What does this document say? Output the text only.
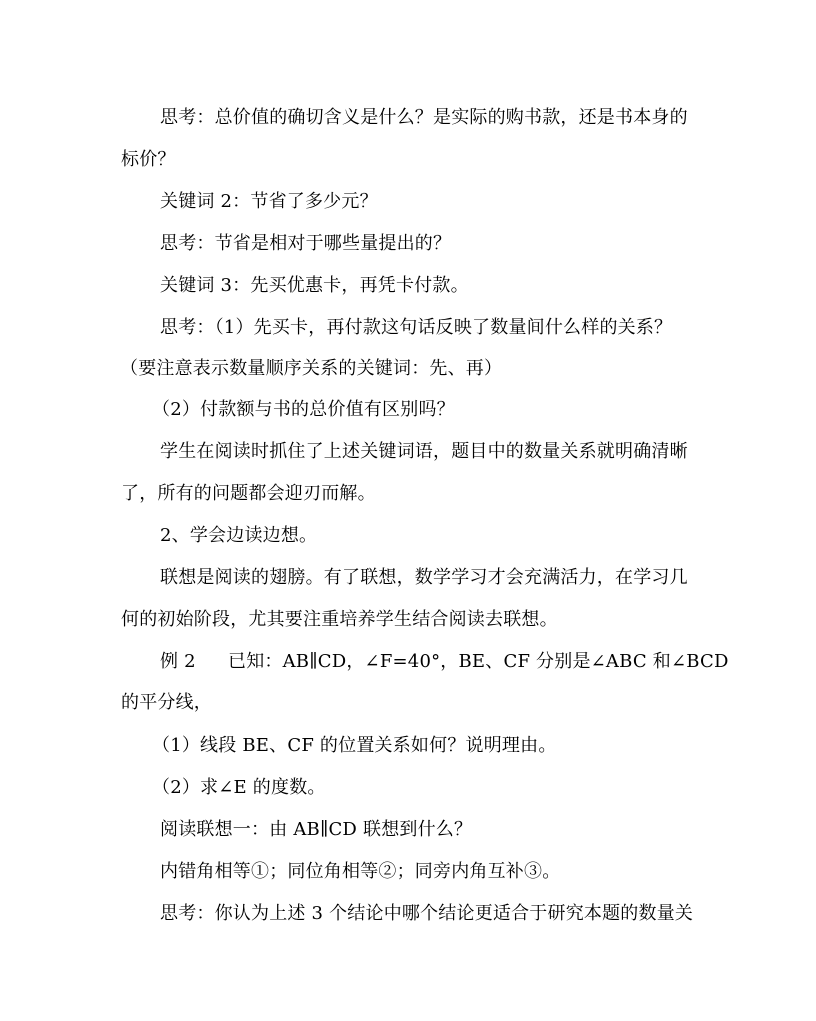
思考：总价值的确切含义是什么？是实际的购书款，还是书本身的
标价？
关键词 2：节省了多少元？
思考：节省是相对于哪些量提出的？
关键词 3：先买优惠卡，再凭卡付款。
思考：（1）先买卡，再付款这句话反映了数量间什么样的关系？
（要注意表示数量顺序关系的关键词：先、再）
（2）付款额与书的总价值有区别吗？
学生在阅读时抓住了上述关键词语，题目中的数量关系就明确清晰
了，所有的问题都会迎刃而解。
2、学会边读边想。
联想是阅读的翅膀。有了联想，数学学习才会充满活力，在学习几
何的初始阶段，尤其要注重培养学生结合阅读去联想。
例 2 已知：AB∥CD，∠F=40°，BE、CF 分别是∠ABC 和∠BCD
的平分线，
（1）线段 BE、CF 的位置关系如何？说明理由。
（2）求∠E 的度数。
阅读联想一：由 AB∥CD 联想到什么？
内错角相等①；同位角相等②；同旁内角互补③。
思考：你认为上述 3 个结论中哪个结论更适合于研究本题的数量关
